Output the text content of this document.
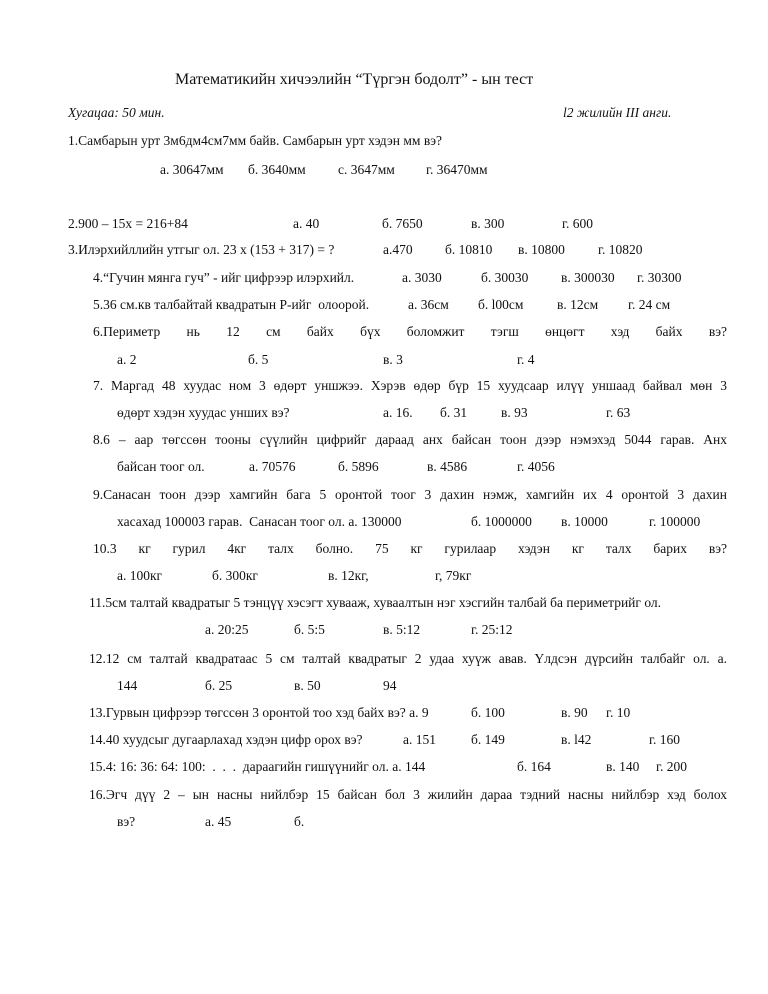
Математикийн хичээлийн “Түргэн бодолт” - ын тест
Хугацаа: 50 мин.	l2 жилийн III анги.
1.Самбарын урт 3м6дм4см7мм байв. Самбарын урт хэдэн мм вэ?
а. 30647мм б. 3640мм с. 3647мм г. 36470мм
2.900 – 15х = 216+84	а. 40	б. 7650	в. 300	г. 600
3.Илэрхийллийн утгыг ол. 23 х (153 + 317) = ?	а.470 б. 10810 в. 10800 г. 10820
4.“Гучин мянга гуч” - ийг цифрээр илэрхийл.	а. 3030	б. 30030 в. 300030 г. 30300
5.36 см.кв талбайтай квадратын Р-ийг  олоорой.	а. 36см б. l00см в. 12см г. 24 см
6.Периметр нь 12 см байх бүх боломжит тэгш өнцөгт хэд байх вэ?
а. 2	б. 5	в. 3	г. 4
7. Маргад 48 хуудас ном 3 өдөрт уншжээ. Хэрэв өдөр бүр 15 хуудсаар илүү уншаад байвал мөн 3
өдөрт хэдэн хуудас унших вэ?	а. 16. б. 31	в. 93	г. 63
8.6 – аар төгссөн тооны сүүлийн цифрийг дараад анх байсан тоон дээр нэмэхэд 5044 гарав. Анх
байсан тоог ол.	а. 70576	б. 5896	в. 4586	г. 4056
9.Санасан тоон дээр хамгийн бага 5 оронтой тоог 3 дахин нэмж, хамгийн их 4 оронтой 3 дахин
хасахад 100003 гарав.  Санасан тоог ол. а. 130000	б. 1000000 в. 10000	г. 100000
10.3 кг гурил 4кг талх болно. 75 кг гурилаар хэдэн кг талх барих вэ?
а. 100кг	б. 300кг	в. 12кг,	г, 79кг
11.5см талтай квадратыг 5 тэнцүү хэсэгт хувааж, хуваалтын нэг хэсгийн талбай ба периметрийг ол.
а. 20:25	б. 5:5	в. 5:12	г. 25:12
12.12 см талтай квадратаас 5 см талтай квадратыг 2 удаа хуүж авав. Үлдсэн дүрсийн талбайг ол. а.
144	б. 25	в. 50	94
13.Гурвын цифрээр төгссөн 3 оронтой тоо хэд байх вэ? а. 9	б. 100	в. 90 г. 10
14.40 хуудсыг дугаарлахад хэдэн цифр орох вэ?	а. 151	б. 149	в. l42	г. 160
15.4: 16: 36: 64: 100:  .  .  .  дараагийн гишүүнийг ол. а. 144	б. 164	в. 140 г. 200
16.Эгч дүү 2 – ын насны нийлбэр 15 байсан бол 3 жилийн дараа тэдний насны нийлбэр хэд болох
вэ?	а. 45	б.
